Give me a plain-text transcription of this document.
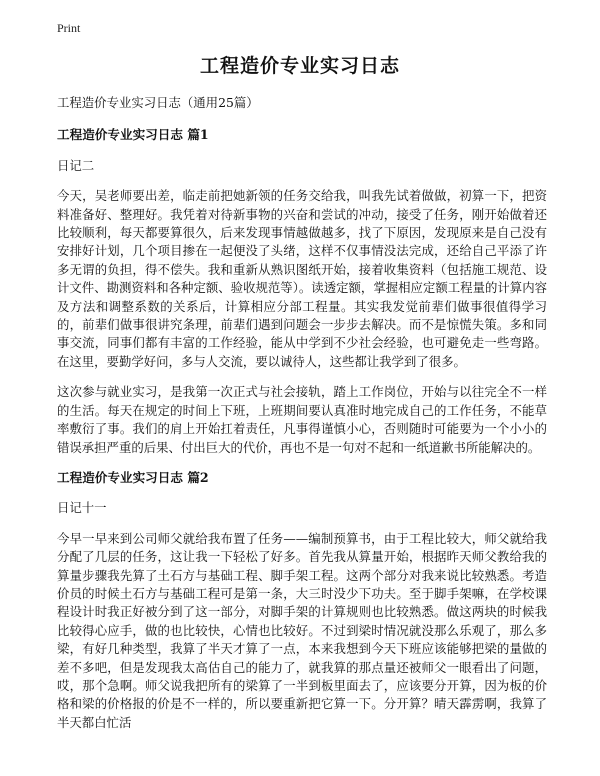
Print
工程造价专业实习日志

工程造价专业实习日志（通用25篇）

工程造价专业实习日志 篇1

日记二

今天，吴老师要出差，临走前把她新领的任务交给我，叫我先试着做做，初算一下，把资料准备好、整理好。我凭着对待新事物的兴奋和尝试的冲动，接受了任务，刚开始做着还比较顺利，每天都要算很久，后来发现事情越做越多，找了下原因，发现原来是自己没有安排好计划，几个项目掺在一起便没了头绪，这样不仅事情没法完成，还给自己平添了许多无谓的负担，得不偿失。我和重新从熟识图纸开始，接着收集资料（包括施工规范、设计文件、勘测资料和各种定额、验收规范等）。读透定额，掌握相应定额工程量的计算内容及方法和调整系数的关系后，计算相应分部工程量。其实我发觉前辈们做事很值得学习的，前辈们做事很讲究条理，前辈们遇到问题会一步步去解决。而不是惊慌失策。多和同事交流，同事们都有丰富的工作经验，能从中学到不少社会经验，也可避免走一些弯路。在这里，要勤学好问，多与人交流，要以诚待人，这些都让我学到了很多。

这次参与就业实习，是我第一次正式与社会接轨，踏上工作岗位，开始与以往完全不一样的生活。每天在规定的时间上下班，上班期间要认真准时地完成自己的工作任务，不能草率敷衍了事。我们的肩上开始扛着责任，凡事得谨慎小心，否则随时可能要为一个小小的错误承担严重的后果、付出巨大的代价，再也不是一句对不起和一纸道歉书所能解决的。

工程造价专业实习日志 篇2

日记十一

今早一早来到公司师父就给我布置了任务——编制预算书，由于工程比较大，师父就给我分配了几层的任务，这让我一下轻松了好多。首先我从算量开始，根据昨天师父教给我的算量步骤我先算了土石方与基础工程、脚手架工程。这两个部分对我来说比较熟悉。考造价员的时候土石方与基础工程可是第一条，大三时没少下功夫。至于脚手架嘛，在学校课程设计时我正好被分到了这一部分，对脚手架的计算规则也比较熟悉。做这两块的时候我比较得心应手，做的也比较快，心情也比较好。不过到梁时情况就没那么乐观了，那么多梁，有好几种类型，我算了半天才算了一点，本来我想到今天下班应该能够把梁的量做的差不多吧，但是发现我太高估自己的能力了，就我算的那点量还被师父一眼看出了问题，哎，那个急啊。师父说我把所有的梁算了一半到板里面去了，应该要分开算，因为板的价格和梁的价格报的价是不一样的，所以要重新把它算一下。分开算？晴天霹雳啊，我算了半天都白忙活
